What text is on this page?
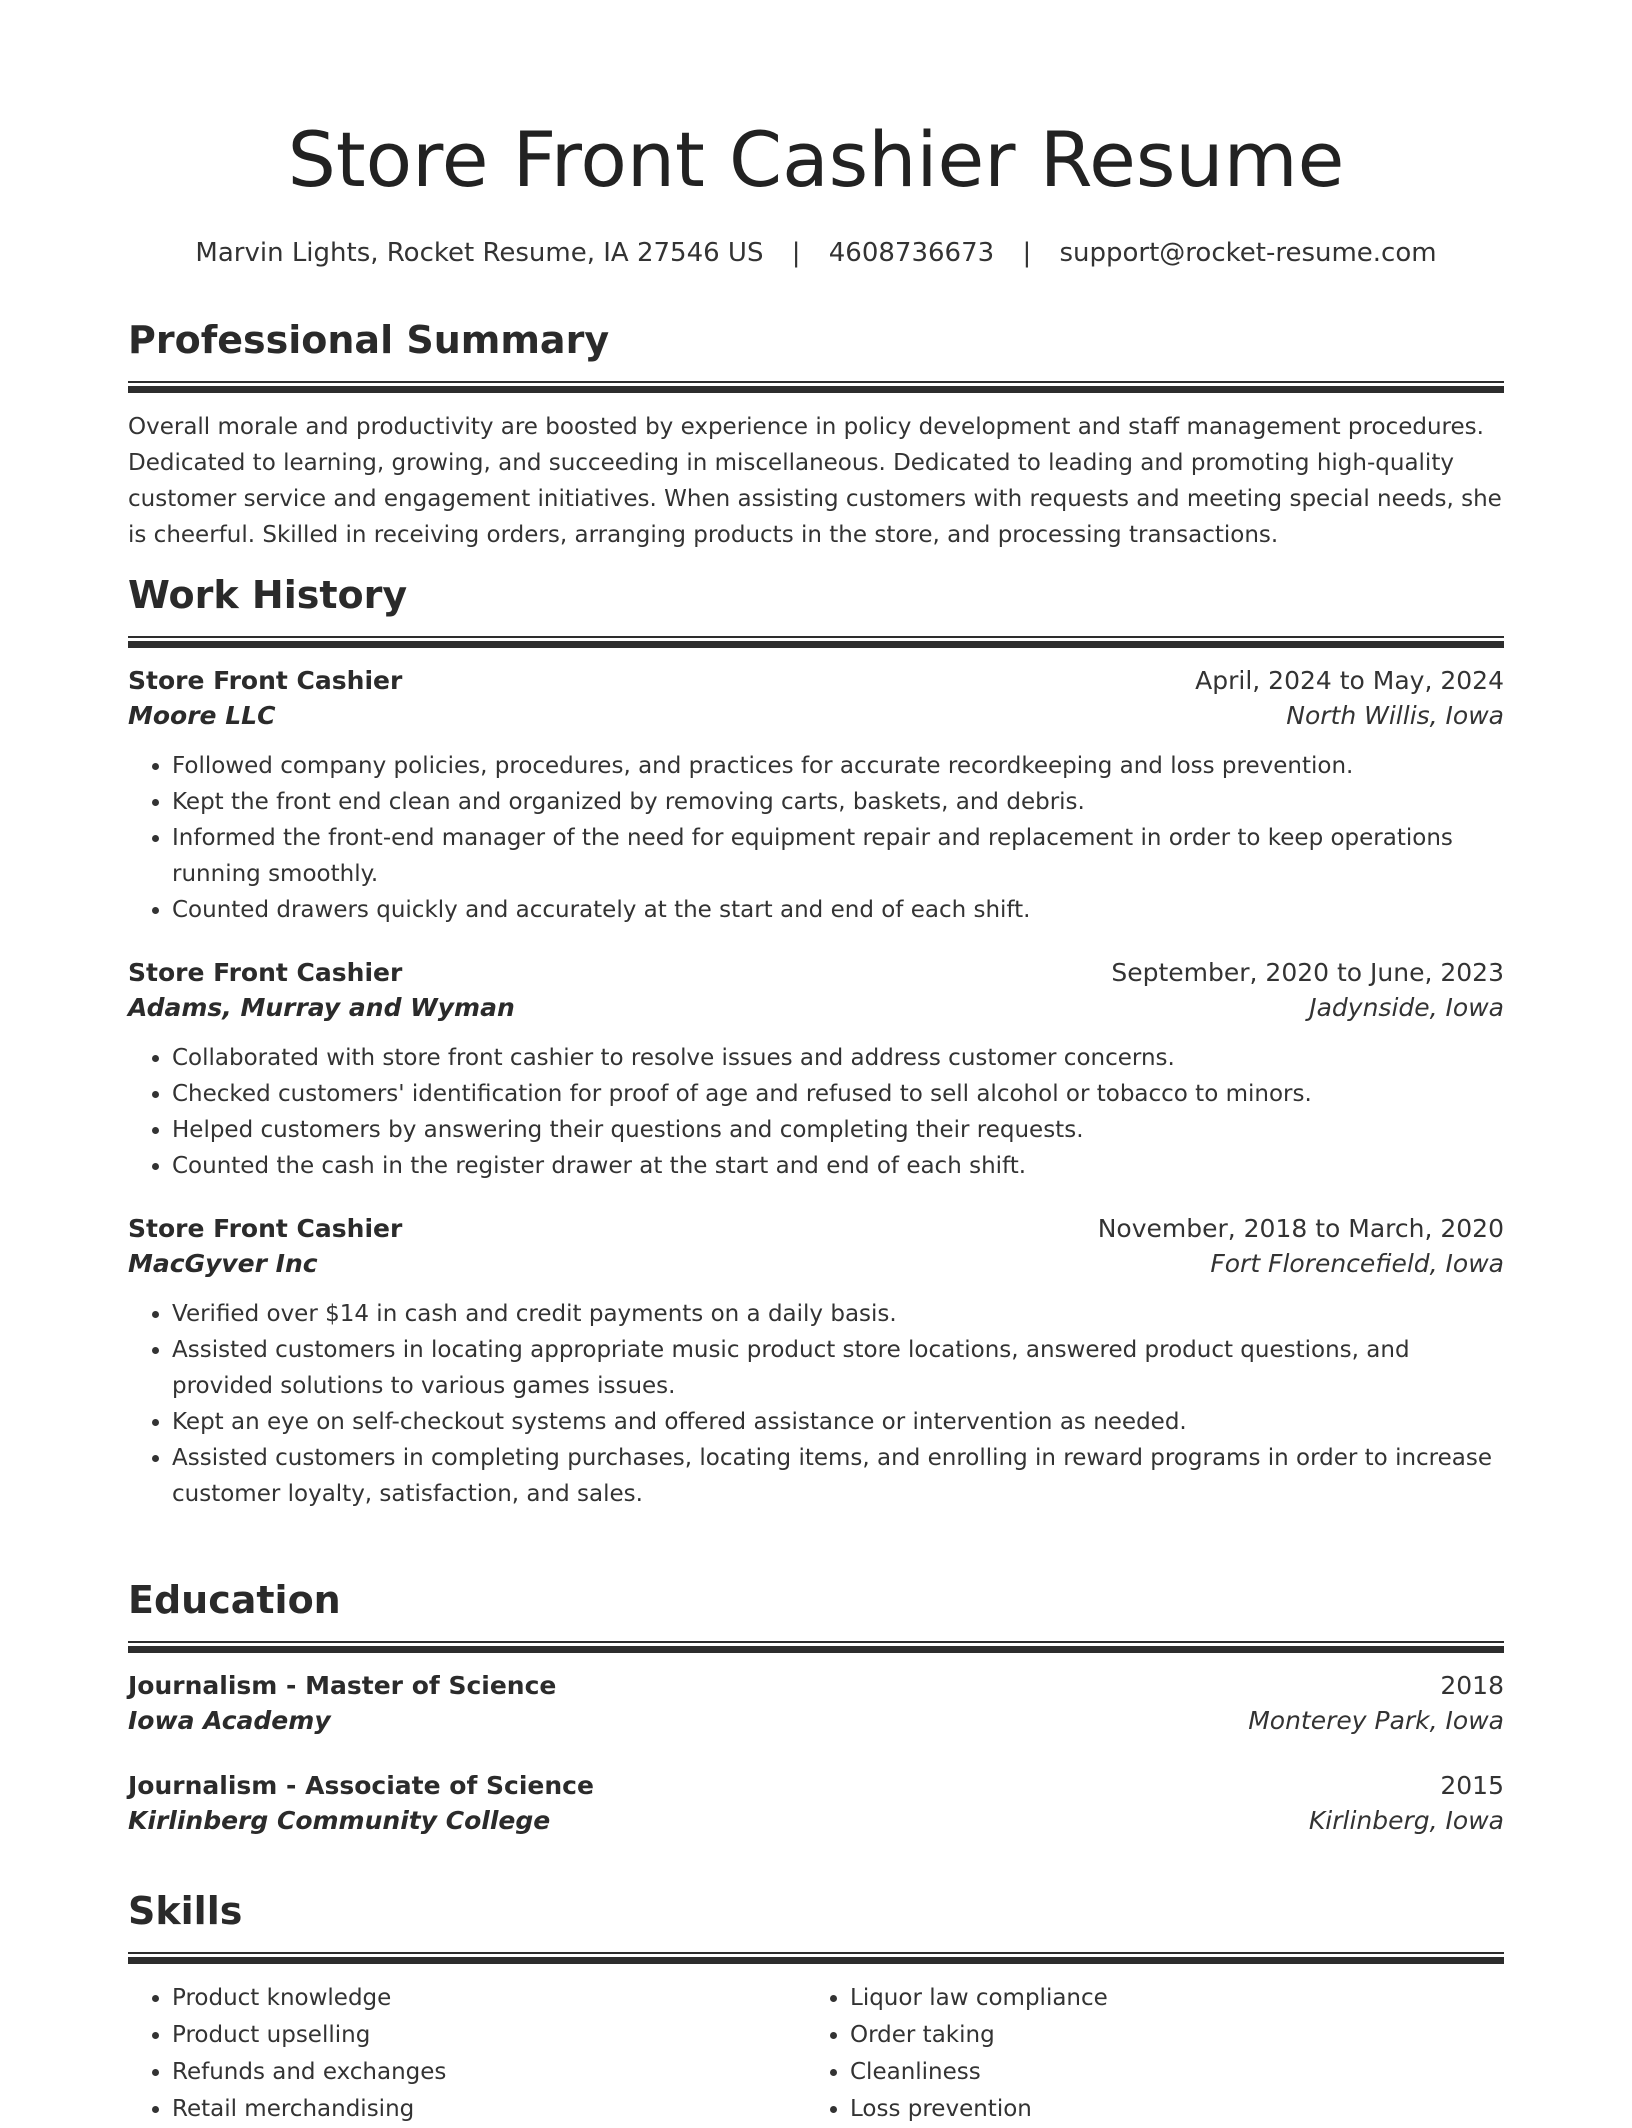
Store Front Cashier Resume
Marvin Lights, Rocket Resume, IA 27546 US | 4608736673 | support@rocket-resume.com
Professional Summary

Overall morale and productivity are boosted by experience in policy development and staff management procedures. Dedicated to learning, growing, and succeeding in miscellaneous. Dedicated to leading and promoting high-quality customer service and engagement initiatives. When assisting customers with requests and meeting special needs, she is cheerful. Skilled in receiving orders, arranging products in the store, and processing transactions.

Work History
Store Front Cashier	April, 2024 to May, 2024
Moore LLC	North Willis, Iowa
• Followed company policies, procedures, and practices for accurate recordkeeping and loss prevention.
• Kept the front end clean and organized by removing carts, baskets, and debris.
• Informed the front-end manager of the need for equipment repair and replacement in order to keep operations running smoothly.
• Counted drawers quickly and accurately at the start and end of each shift.
Store Front Cashier	September, 2020 to June, 2023
Adams, Murray and Wyman	Jadynside, Iowa
• Collaborated with store front cashier to resolve issues and address customer concerns.
• Checked customers' identification for proof of age and refused to sell alcohol or tobacco to minors.
• Helped customers by answering their questions and completing their requests.
• Counted the cash in the register drawer at the start and end of each shift.
Store Front Cashier	November, 2018 to March, 2020
MacGyver Inc	Fort Florencefield, Iowa
• Verified over $14 in cash and credit payments on a daily basis.
• Assisted customers in locating appropriate music product store locations, answered product questions, and provided solutions to various games issues.
• Kept an eye on self-checkout systems and offered assistance or intervention as needed.
• Assisted customers in completing purchases, locating items, and enrolling in reward programs in order to increase customer loyalty, satisfaction, and sales.
Education
Journalism - Master of Science	2018
Iowa Academy	Monterey Park, Iowa
Journalism - Associate of Science	2015
Kirlinberg Community College	Kirlinberg, Iowa
Skills
• Product knowledge
• Product upselling
• Refunds and exchanges
• Retail merchandising
• Liquor law compliance
• Order taking
• Cleanliness
• Loss prevention
